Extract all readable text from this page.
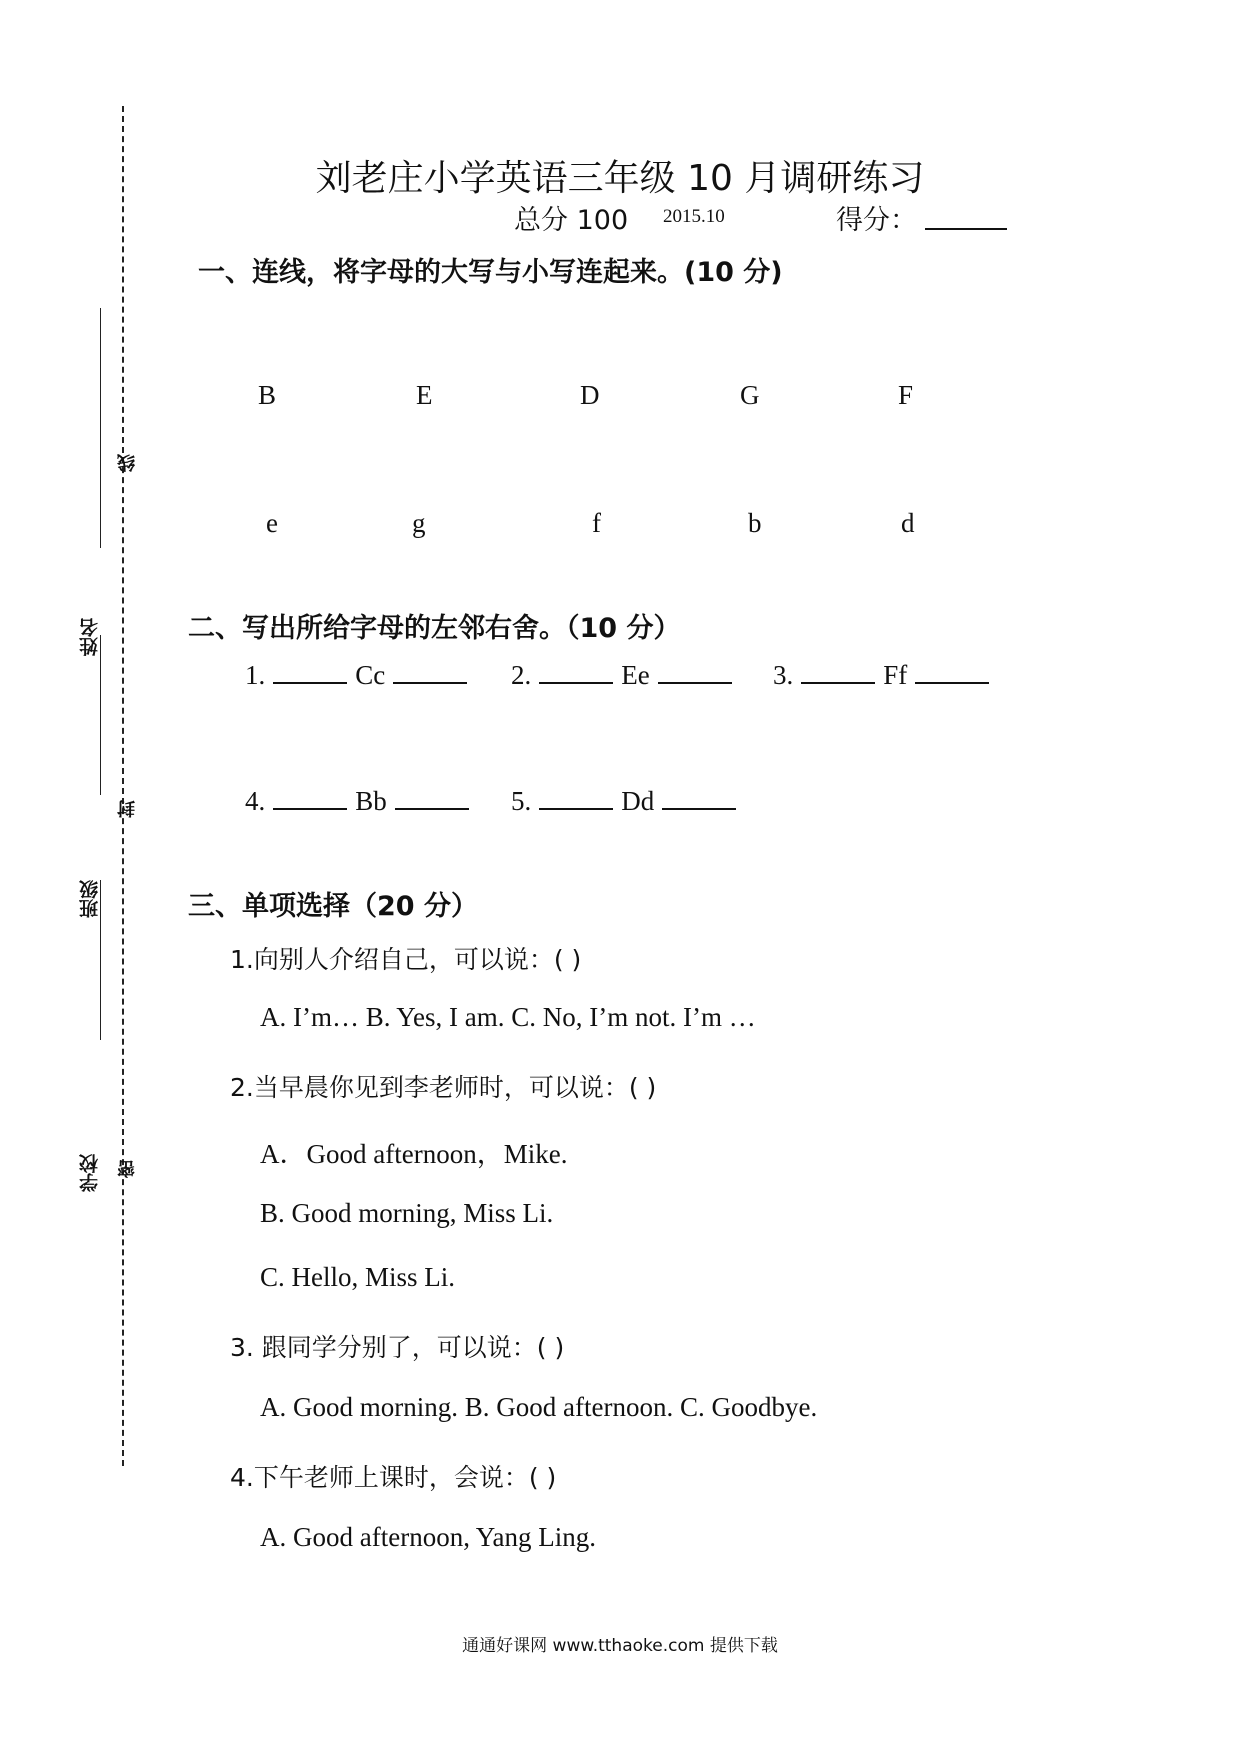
姓名
班级
学校
线
封
密
刘老庄小学英语三年级 10 月调研练习
总分 100 2015.10	得分：
一、连线，将字母的大写与小写连起来。(10 分)
B	E	D	G	F
e	g	f	b	d
二、写出所给字母的左邻右舍。（10 分）
1.	Cc	2.	Ee	3.	Ff
4.	Bb	5.	Dd
三、单项选择（20 分）
1.向别人介绍自己，可以说：( )
A. I’m… B. Yes, I am. C. No, I’m not. I’m …
2.当早晨你见到李老师时，可以说：( )
A．Good afternoon，Mike.
B. Good morning, Miss Li.
C. Hello, Miss Li.
3. 跟同学分别了，可以说：( )
A. Good morning. B. Good afternoon. C. Goodbye.
4.下午老师上课时，会说：( )
A. Good afternoon, Yang Ling.
通通好课网 www.tthaoke.com 提供下载
